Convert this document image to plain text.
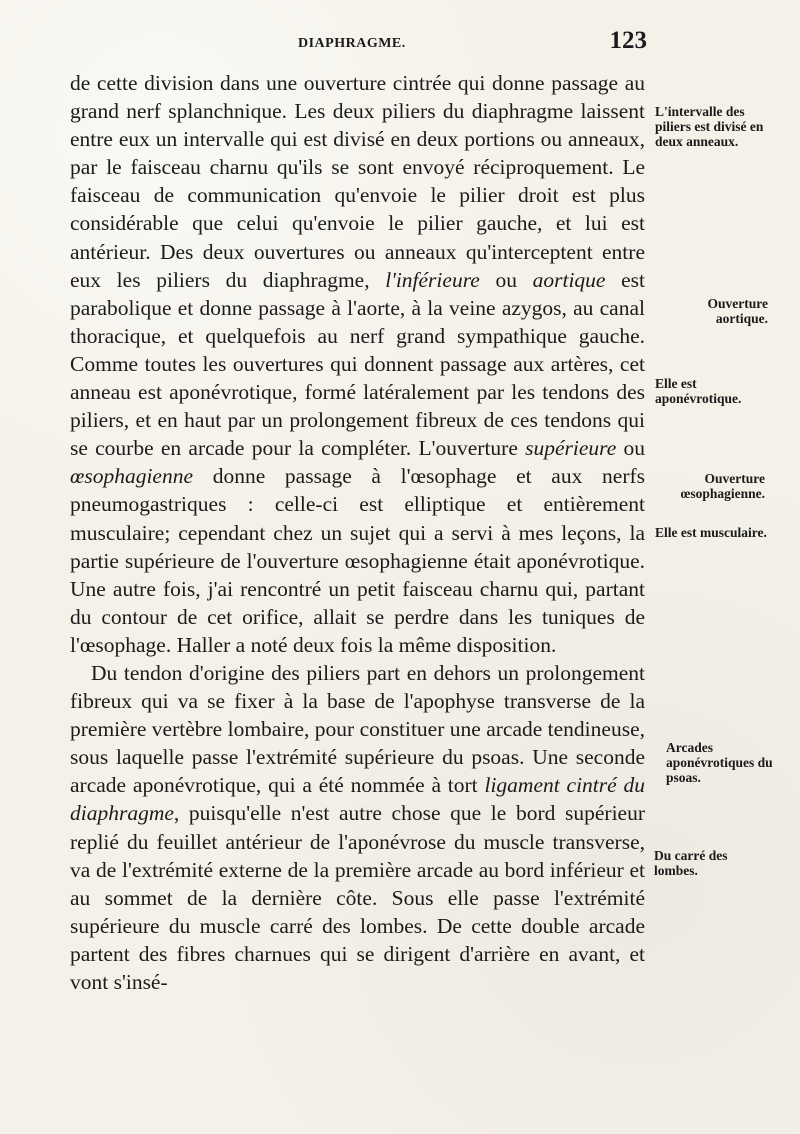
DIAPHRAGME.	123

de cette division dans une ouverture cintrée qui donne passage au grand nerf splanchnique. Les deux piliers du diaphragme laissent entre eux un intervalle qui est divisé en deux portions ou anneaux, par le faisceau charnu qu'ils se sont envoyé réciproquement. Le faisceau de communication qu'envoie le pilier droit est plus considérable que celui qu'envoie le pilier gauche, et lui est antérieur. Des deux ouvertures ou anneaux qu'interceptent entre eux les piliers du diaphragme, l'inférieure ou aortique est parabolique et donne passage à l'aorte, à la veine azygos, au canal thoracique, et quelquefois au nerf grand sympathique gauche. Comme toutes les ouvertures qui donnent passage aux artères, cet anneau est aponévrotique, formé latéralement par les tendons des piliers, et en haut par un prolongement fibreux de ces tendons qui se courbe en arcade pour la compléter. L'ouverture supérieure ou œsophagienne donne passage à l'œsophage et aux nerfs pneumogastriques : celle-ci est elliptique et entièrement musculaire; cependant chez un sujet qui a servi à mes leçons, la partie supérieure de l'ouverture œsophagienne était aponévrotique. Une autre fois, j'ai rencontré un petit faisceau charnu qui, partant du contour de cet orifice, allait se perdre dans les tuniques de l'œsophage. Haller a noté deux fois la même disposition.

Du tendon d'origine des piliers part en dehors un prolongement fibreux qui va se fixer à la base de l'apophyse transverse de la première vertèbre lombaire, pour constituer une arcade tendineuse, sous laquelle passe l'extrémité supérieure du psoas. Une seconde arcade aponévrotique, qui a été nommée à tort ligament cintré du diaphragme, puisqu'elle n'est autre chose que le bord supérieur replié du feuillet antérieur de l'aponévrose du muscle transverse, va de l'extrémité externe de la première arcade au bord inférieur et au sommet de la dernière côte. Sous elle passe l'extrémité supérieure du muscle carré des lombes. De cette double arcade partent des fibres charnues qui se dirigent d'arrière en avant, et vont s'insé-

L'intervalle des piliers est divisé en deux anneaux.
Ouverture aortique.
Elle est aponévrotique.
Ouverture œsophagienne.
Elle est musculaire.
Arcades aponévrotiques du psoas.
Du carré des lombes.
